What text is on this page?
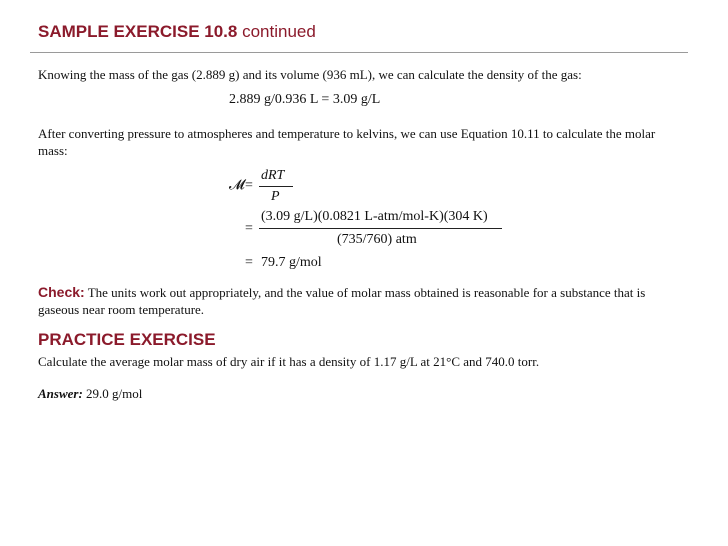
SAMPLE EXERCISE 10.8 continued
Knowing the mass of the gas (2.889 g) and its volume (936 mL), we can calculate the density of the gas:
2.889 g/0.936 L = 3.09 g/L
After converting pressure to atmospheres and temperature to kelvins, we can use Equation 10.11 to calculate the molar mass:
𝓜 =
dRT
P
=
(3.09 g/L)(0.0821 L-atm/mol-K)(304 K)
(735/760) atm
= 79.7 g/mol
Check: The units work out appropriately, and the value of molar mass obtained is reasonable for a substance that is gaseous near room temperature.
PRACTICE EXERCISE
Calculate the average molar mass of dry air if it has a density of 1.17 g/L at 21°C and 740.0 torr.
Answer: 29.0 g/mol
